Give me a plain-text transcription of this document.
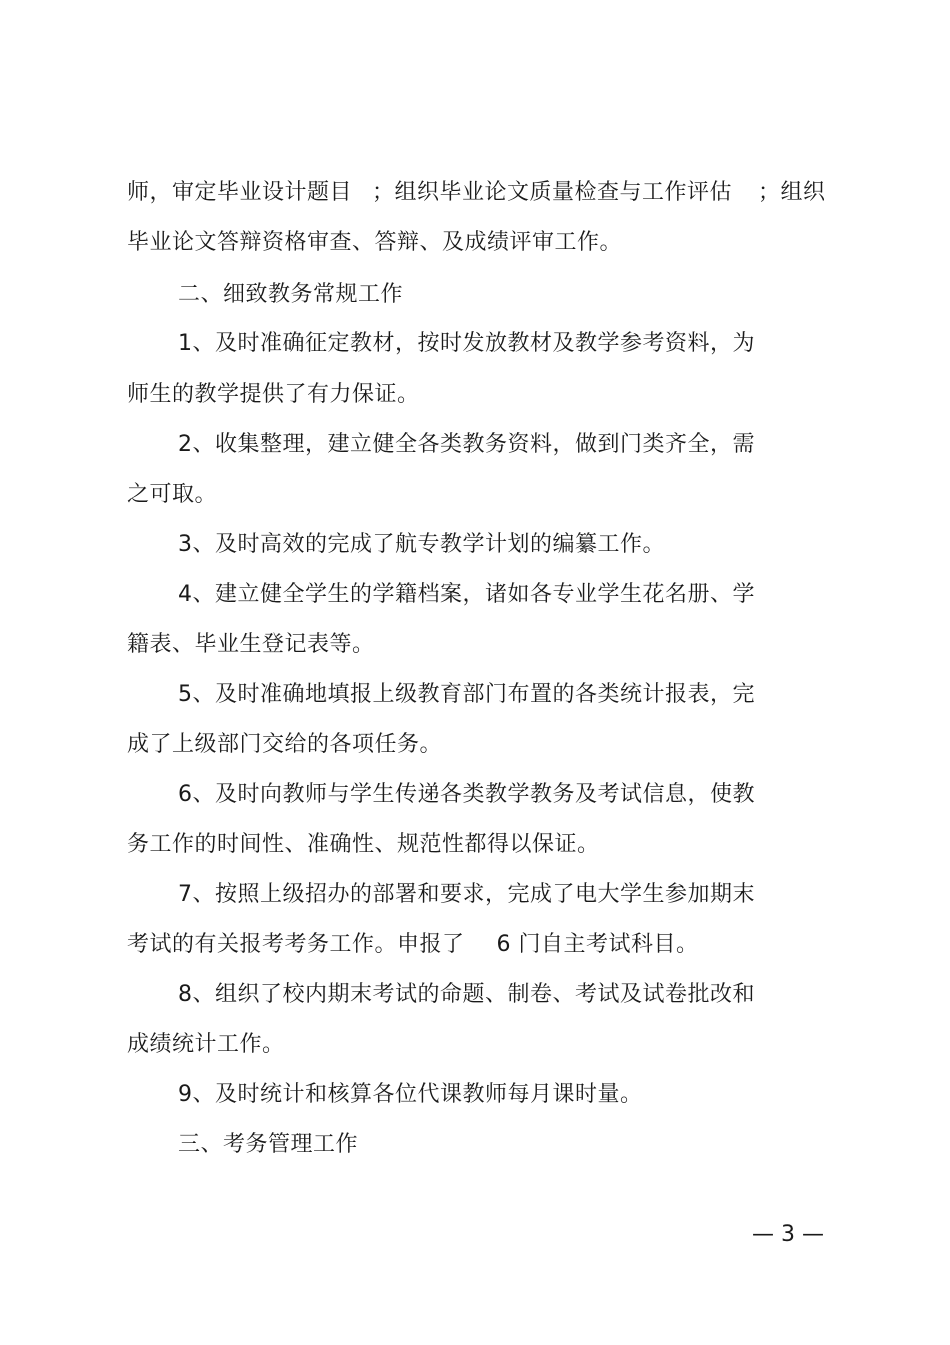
师，审定毕业设计题目 ；组织毕业论文质量检查与工作评估 ；组织
毕业论文答辩资格审查、答辩、及成绩评审工作。
二、细致教务常规工作
1、及时准确征定教材，按时发放教材及教学参考资料，为
师生的教学提供了有力保证。
2、收集整理，建立健全各类教务资料，做到门类齐全，需
之可取。
3、及时高效的完成了航专教学计划的编纂工作。
4、建立健全学生的学籍档案，诸如各专业学生花名册、学
籍表、毕业生登记表等。
5、及时准确地填报上级教育部门布置的各类统计报表，完
成了上级部门交给的各项任务。
6、及时向教师与学生传递各类教学教务及考试信息，使教
务工作的时间性、准确性、规范性都得以保证。
7、按照上级招办的部署和要求，完成了电大学生参加期末
考试的有关报考考务工作。申报了 6 门自主考试科目。
8、组织了校内期末考试的命题、制卷、考试及试卷批改和
成绩统计工作。
9、及时统计和核算各位代课教师每月课时量。
三、考务管理工作
— 3 —
